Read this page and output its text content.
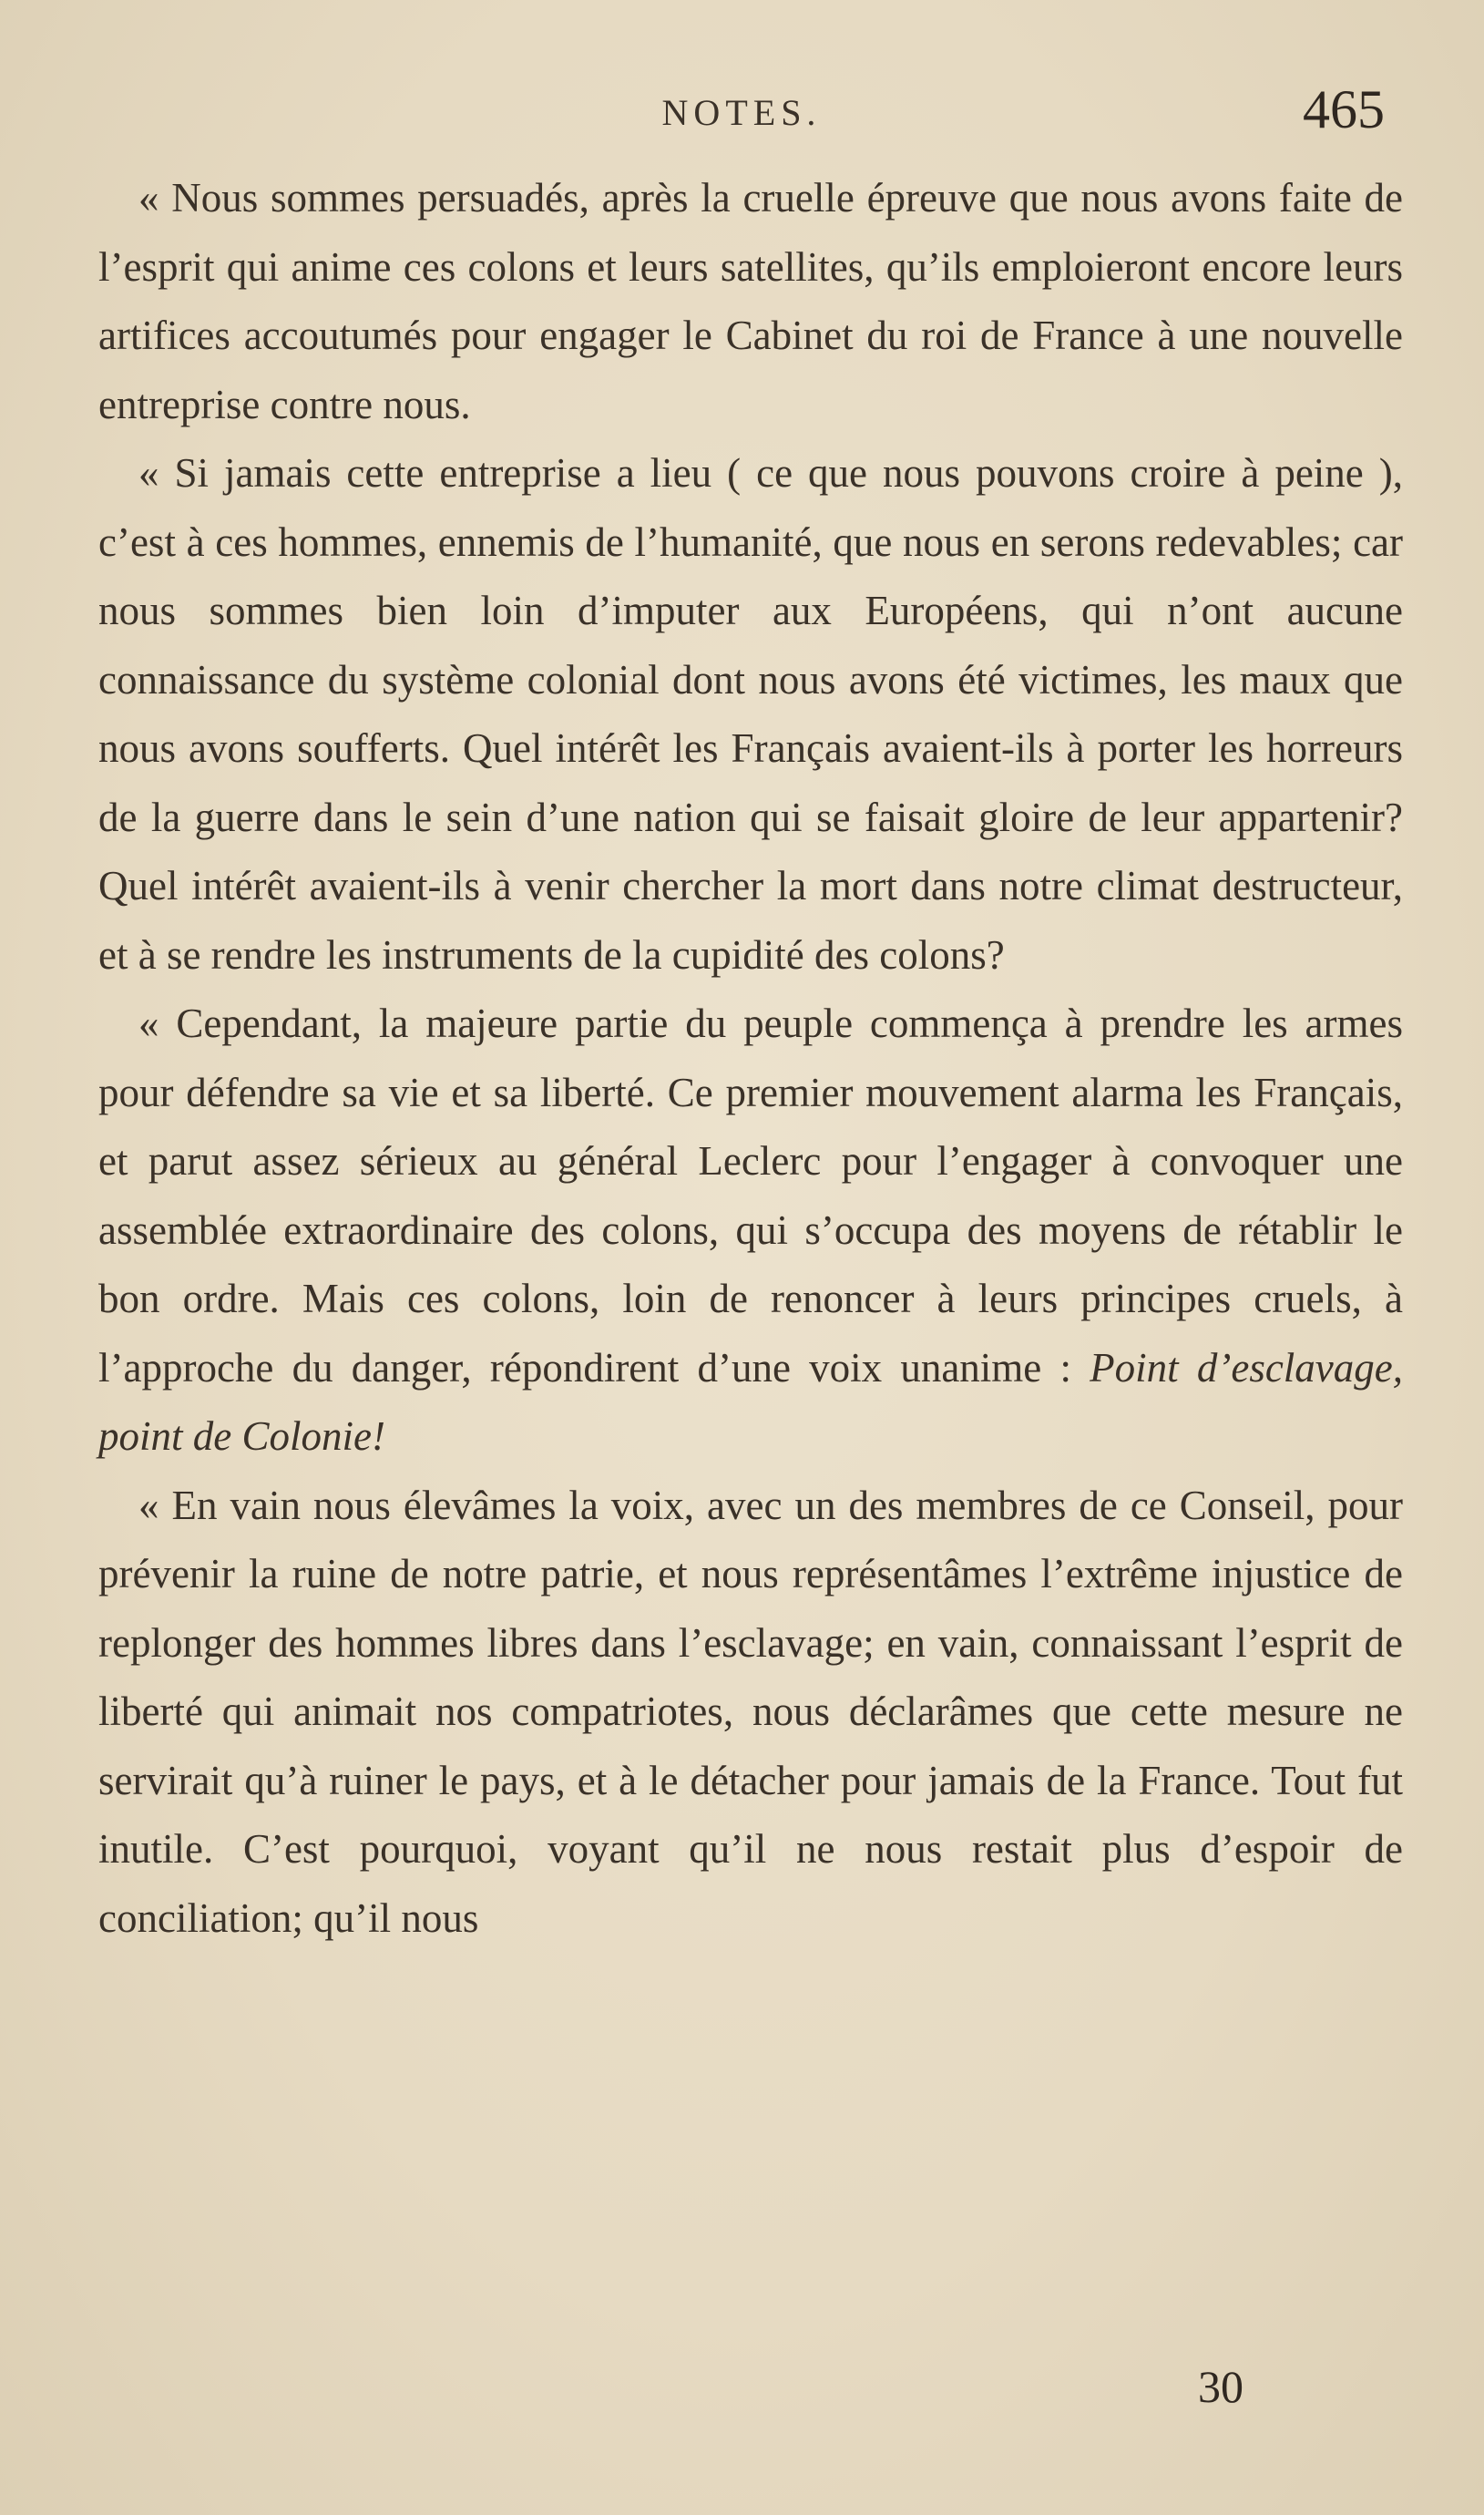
NOTES.	465

« Nous sommes persuadés, après la cruelle épreuve que nous avons faite de l’esprit qui anime ces colons et leurs satellites, qu’ils emploieront encore leurs artifices accoutumés pour engager le Cabinet du roi de France à une nouvelle entreprise contre nous.

« Si jamais cette entreprise a lieu ( ce que nous pouvons croire à peine ), c’est à ces hommes, ennemis de l’humanité, que nous en serons redevables; car nous sommes bien loin d’imputer aux Européens, qui n’ont aucune connaissance du système colonial dont nous avons été victimes, les maux que nous avons soufferts. Quel intérêt les Français avaient-ils à porter les horreurs de la guerre dans le sein d’une nation qui se faisait gloire de leur appartenir? Quel intérêt avaient-ils à venir chercher la mort dans notre climat destructeur, et à se rendre les instruments de la cupidité des colons?

« Cependant, la majeure partie du peuple commença à prendre les armes pour défendre sa vie et sa liberté. Ce premier mouvement alarma les Français, et parut assez sérieux au général Leclerc pour l’engager à convoquer une assemblée extraordinaire des colons, qui s’occupa des moyens de rétablir le bon ordre. Mais ces colons, loin de renoncer à leurs principes cruels, à l’approche du danger, répondirent d’une voix unanime : Point d’esclavage, point de Colonie!

« En vain nous élevâmes la voix, avec un des membres de ce Conseil, pour prévenir la ruine de notre patrie, et nous représentâmes l’extrême injustice de replonger des hommes libres dans l’esclavage; en vain, connaissant l’esprit de liberté qui animait nos compatriotes, nous déclarâmes que cette mesure ne servirait qu’à ruiner le pays, et à le détacher pour jamais de la France. Tout fut inutile. C’est pourquoi, voyant qu’il ne nous restait plus d’espoir de conciliation; qu’il nous

30
